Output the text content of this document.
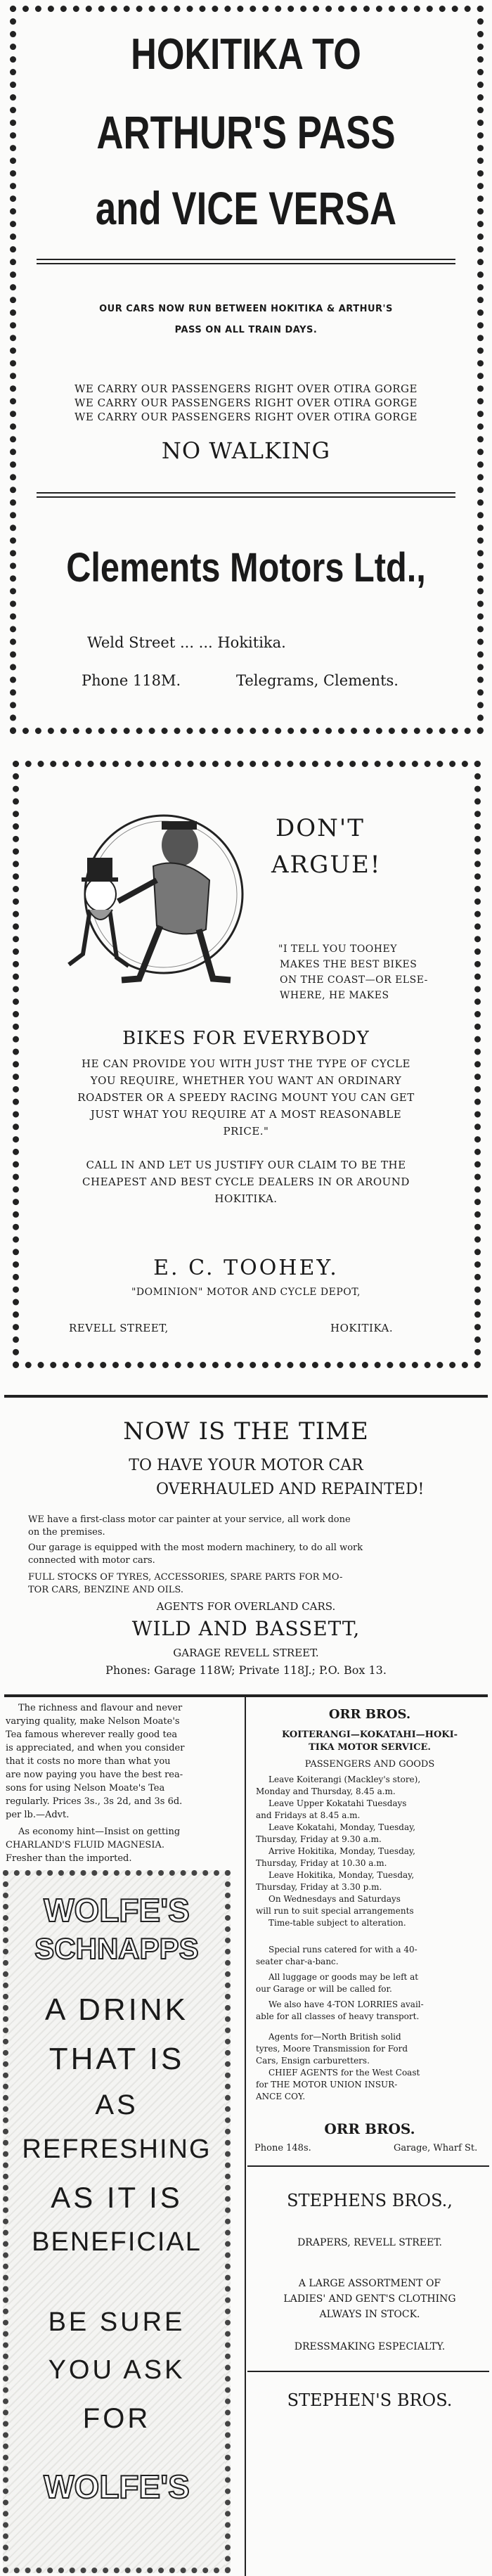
HOKITIKA TO
ARTHUR'S PASS
and VICE VERSA
OUR CARS NOW RUN BETWEEN HOKITIKA & ARTHUR'S
PASS ON ALL TRAIN DAYS.
WE CARRY OUR PASSENGERS RIGHT OVER OTIRA GORGE
WE CARRY OUR PASSENGERS RIGHT OVER OTIRA GORGE
WE CARRY OUR PASSENGERS RIGHT OVER OTIRA GORGE
NO WALKING
Clements Motors Ltd.,
Weld Street ... ... Hokitika.
Phone 118M.	Telegrams, Clements.
DON'T
ARGUE!
"I TELL YOU TOOHEY
MAKES THE BEST BIKES
ON THE COAST—OR ELSE-
WHERE, HE MAKES
BIKES FOR EVERYBODY
HE CAN PROVIDE YOU WITH JUST THE TYPE OF CYCLE
YOU REQUIRE, WHETHER YOU WANT AN ORDINARY
ROADSTER OR A SPEEDY RACING MOUNT YOU CAN GET
JUST WHAT YOU REQUIRE AT A MOST REASONABLE
PRICE."
CALL IN AND LET US JUSTIFY OUR CLAIM TO BE THE
CHEAPEST AND BEST CYCLE DEALERS IN OR AROUND
HOKITIKA.
E. C. TOOHEY.
"DOMINION" MOTOR AND CYCLE DEPOT,
REVELL STREET,	HOKITIKA.
NOW IS THE TIME
TO HAVE YOUR MOTOR CAR
OVERHAULED AND REPAINTED!
WE have a first-class motor car painter at your service, all work done
on the premises.
Our garage is equipped with the most modern machinery, to do all work
connected with motor cars.
FULL STOCKS OF TYRES, ACCESSORIES, SPARE PARTS FOR MO-
TOR CARS, BENZINE AND OILS.
AGENTS FOR OVERLAND CARS.
WILD AND BASSETT,
GARAGE REVELL STREET.
Phones: Garage 118W; Private 118J.; P.O. Box 13.
The richness and flavour and never
varying quality, make Nelson Moate's
Tea famous wherever really good tea
is appreciated, and when you consider
that it costs no more than what you
are now paying you have the best rea-
sons for using Nelson Moate's Tea
regularly. Prices 3s., 3s 2d, and 3s 6d.
per lb.—Advt.
As economy hint—Insist on getting
CHARLAND'S FLUID MAGNESIA.
Fresher than the imported.
WOLFE'S
SCHNAPPS
A DRINK
THAT IS
AS
REFRESHING
AS IT IS
BENEFICIAL
BE SURE
YOU ASK
FOR
WOLFE'S
ORR BROS.
KOITERANGI—KOKATAHI—HOKI-
TIKA MOTOR SERVICE.
PASSENGERS AND GOODS
Leave Koiterangi (Mackley's store),
Monday and Thursday, 8.45 a.m.
Leave Upper Kokatahi Tuesdays
and Fridays at 8.45 a.m.
Leave Kokatahi, Monday, Tuesday,
Thursday, Friday at 9.30 a.m.
Arrive Hokitika, Monday, Tuesday,
Thursday, Friday at 10.30 a.m.
Leave Hokitika, Monday, Tuesday,
Thursday, Friday at 3.30 p.m.
On Wednesdays and Saturdays
will run to suit special arrangements
Time-table subject to alteration.
Special runs catered for with a 40-
seater char-a-banc.
All luggage or goods may be left at
our Garage or will be called for.
We also have 4-TON LORRIES avail-
able for all classes of heavy transport.
Agents for—North British solid
tyres, Moore Transmission for Ford
Cars, Ensign carburetters.
CHIEF AGENTS for the West Coast
for THE MOTOR UNION INSUR-
ANCE COY.
ORR BROS.
Phone 148s.	Garage, Wharf St.
STEPHENS BROS.,
DRAPERS, REVELL STREET.
A LARGE ASSORTMENT OF
LADIES' AND GENT'S CLOTHING
ALWAYS IN STOCK.
DRESSMAKING ESPECIALTY.
STEPHEN'S BROS.
